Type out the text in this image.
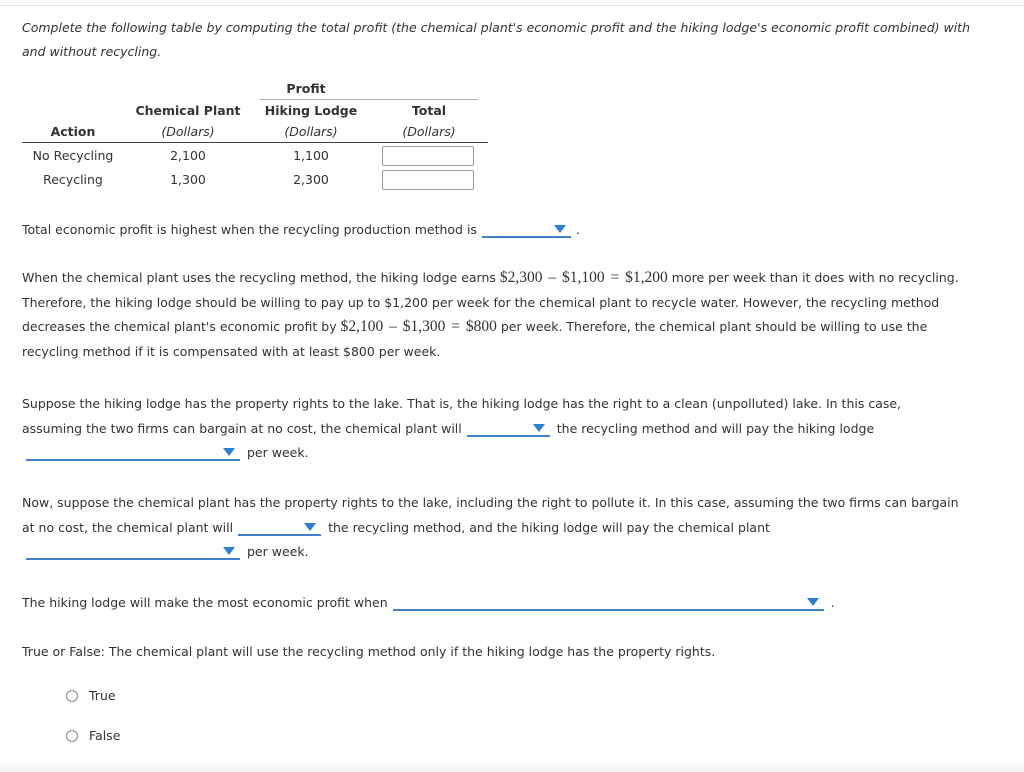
Complete the following table by computing the total profit (the chemical plant's economic profit and the hiking lodge's economic profit combined) with
and without recycling.
Profit
Chemical Plant	Hiking Lodge	Total
Action	(Dollars)	(Dollars)	(Dollars)
No Recycling	2,100	1,100
Recycling	1,300	2,300
Total economic profit is highest when the recycling production method is	.
When the chemical plant uses the recycling method, the hiking lodge earns $2,300 – $1,100 = $1,200 more per week than it does with no recycling.
Therefore, the hiking lodge should be willing to pay up to $1,200 per week for the chemical plant to recycle water. However, the recycling method
decreases the chemical plant's economic profit by $2,100 – $1,300 = $800 per week. Therefore, the chemical plant should be willing to use the
recycling method if it is compensated with at least $800 per week.
Suppose the hiking lodge has the property rights to the lake. That is, the hiking lodge has the right to a clean (unpolluted) lake. In this case,
assuming the two firms can bargain at no cost, the chemical plant will	the recycling method and will pay the hiking lodge
per week.
Now, suppose the chemical plant has the property rights to the lake, including the right to pollute it. In this case, assuming the two firms can bargain
at no cost, the chemical plant will	the recycling method, and the hiking lodge will pay the chemical plant
per week.
The hiking lodge will make the most economic profit when	.
True or False: The chemical plant will use the recycling method only if the hiking lodge has the property rights.
True
False
